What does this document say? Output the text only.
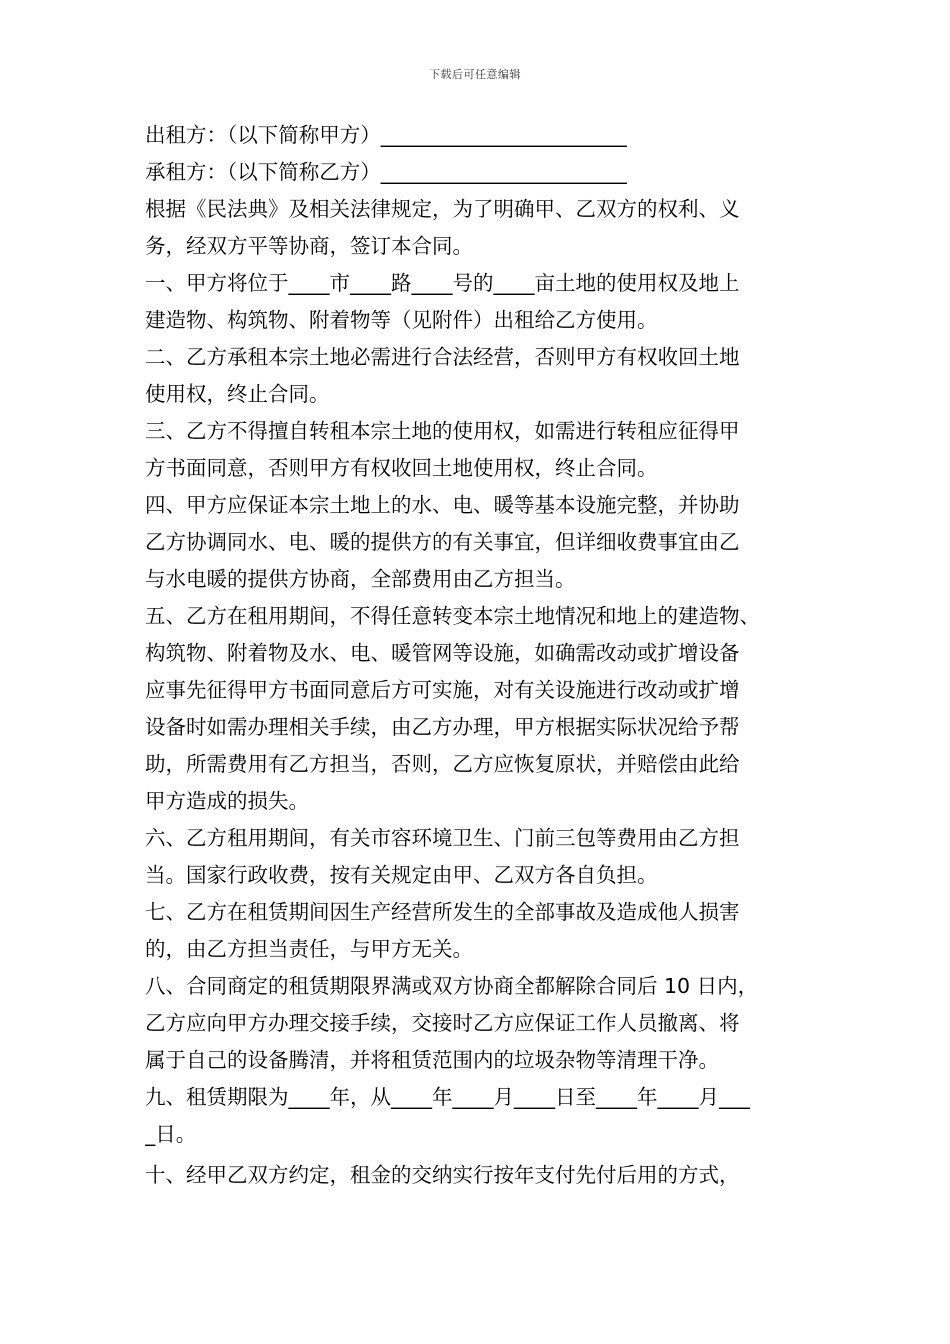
下载后可任意编辑
出租方：（以下简称甲方）________________________
承租方：（以下简称乙方）________________________
根据《民法典》及相关法律规定，为了明确甲、乙双方的权利、义
务，经双方平等协商，签订本合同。
一、甲方将位于____市____路____号的____亩土地的使用权及地上
建造物、构筑物、附着物等（见附件）出租给乙方使用。
二、乙方承租本宗土地必需进行合法经营，否则甲方有权收回土地
使用权，终止合同。
三、乙方不得擅自转租本宗土地的使用权，如需进行转租应征得甲
方书面同意，否则甲方有权收回土地使用权，终止合同。
四、甲方应保证本宗土地上的水、电、暖等基本设施完整，并协助
乙方协调同水、电、暖的提供方的有关事宜，但详细收费事宜由乙
与水电暖的提供方协商，全部费用由乙方担当。
五、乙方在租用期间，不得任意转变本宗土地情况和地上的建造物、
构筑物、附着物及水、电、暖管网等设施，如确需改动或扩增设备
应事先征得甲方书面同意后方可实施，对有关设施进行改动或扩增
设备时如需办理相关手续，由乙方办理，甲方根据实际状况给予帮
助，所需费用有乙方担当，否则，乙方应恢复原状，并赔偿由此给
甲方造成的损失。
六、乙方租用期间，有关市容环境卫生、门前三包等费用由乙方担
当。国家行政收费，按有关规定由甲、乙双方各自负担。
七、乙方在租赁期间因生产经营所发生的全部事故及造成他人损害
的，由乙方担当责任，与甲方无关。
八、合同商定的租赁期限界满或双方协商全都解除合同后 10 日内，
乙方应向甲方办理交接手续，交接时乙方应保证工作人员撤离、将
属于自己的设备腾清，并将租赁范围内的垃圾杂物等清理干净。
九、租赁期限为____年，从____年____月____日至____年____月___
_日。
十、经甲乙双方约定，租金的交纳实行按年支付先付后用的方式，
